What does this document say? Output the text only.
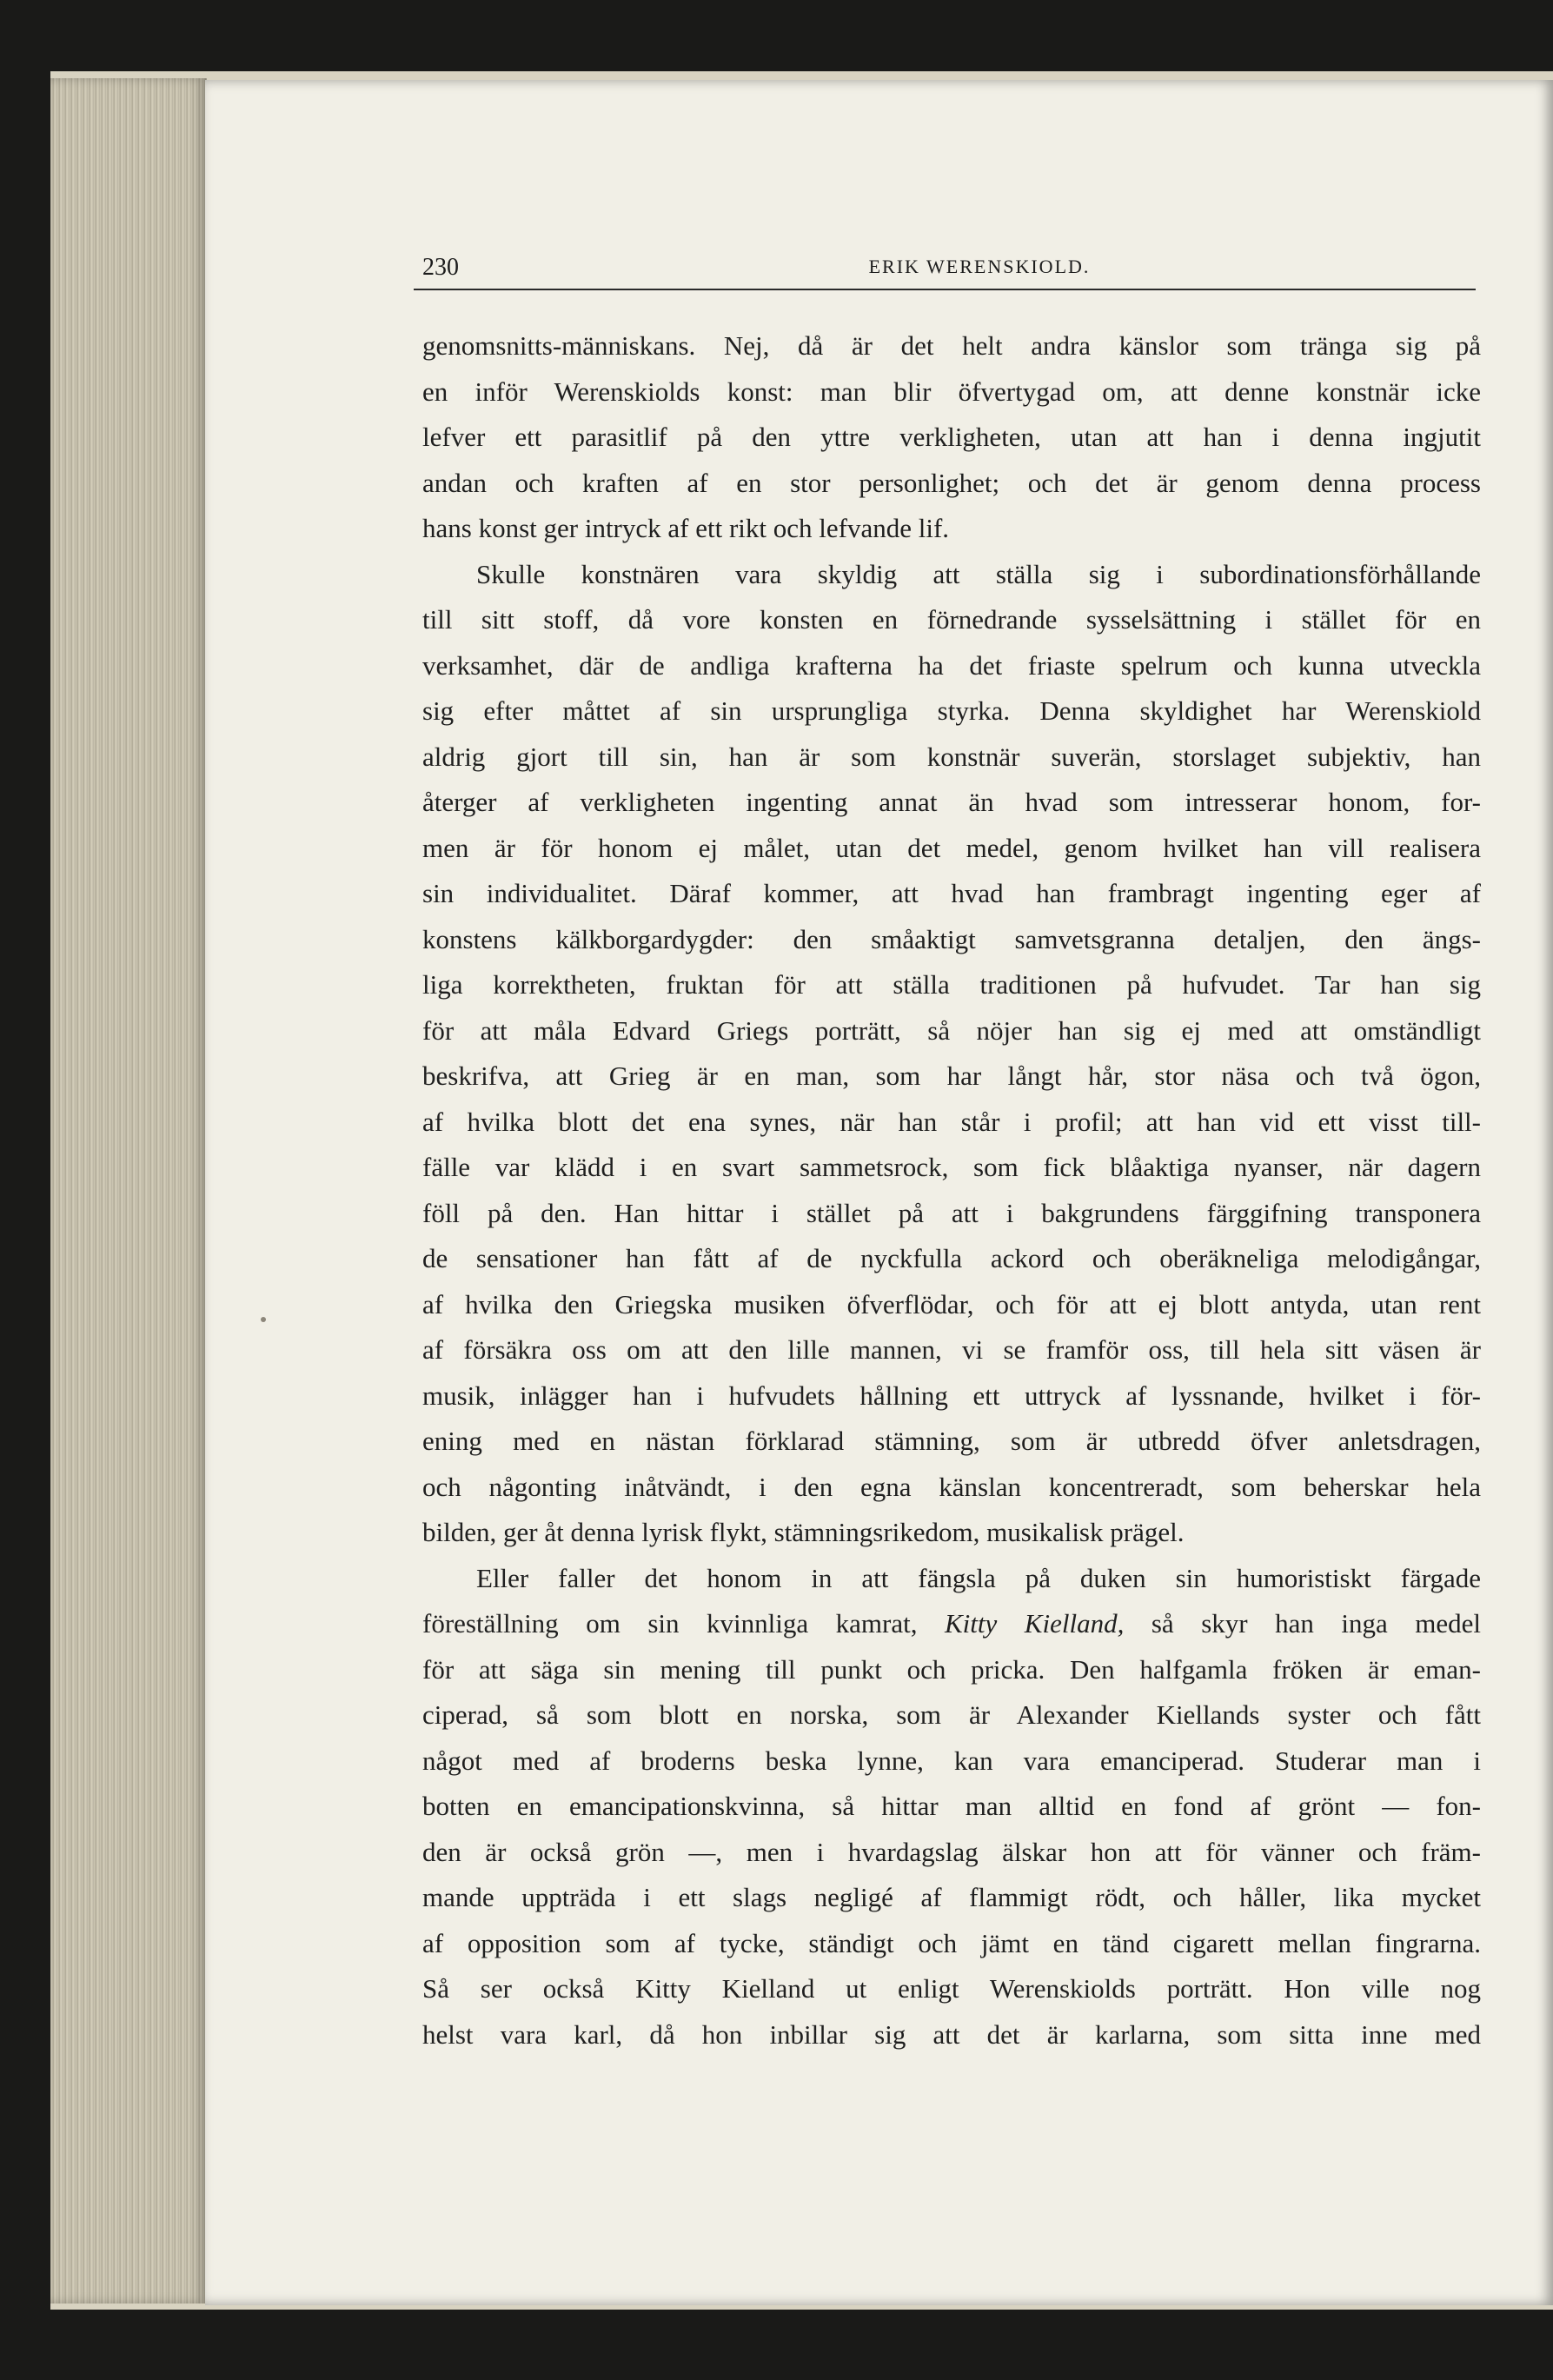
230	ERIK WERENSKIOLD.
genomsnitts-människans. Nej, då är det helt andra känslor som tränga sig på
en inför Werenskiolds konst: man blir öfvertygad om, att denne konstnär icke
lefver ett parasitlif på den yttre verkligheten, utan att han i denna ingjutit
andan och kraften af en stor personlighet; och det är genom denna process
hans konst ger intryck af ett rikt och lefvande lif.
Skulle konstnären vara skyldig att ställa sig i subordinationsförhållande
till sitt stoff, då vore konsten en förnedrande sysselsättning i stället för en
verksamhet, där de andliga krafterna ha det friaste spelrum och kunna utveckla
sig efter måttet af sin ursprungliga styrka. Denna skyldighet har Werenskiold
aldrig gjort till sin, han är som konstnär suverän, storslaget subjektiv, han
återger af verkligheten ingenting annat än hvad som intresserar honom, for-
men är för honom ej målet, utan det medel, genom hvilket han vill realisera
sin individualitet. Däraf kommer, att hvad han frambragt ingenting eger af
konstens kälkborgardygder: den småaktigt samvetsgranna detaljen, den ängs-
liga korrektheten, fruktan för att ställa traditionen på hufvudet. Tar han sig
för att måla Edvard Griegs porträtt, så nöjer han sig ej med att omständligt
beskrifva, att Grieg är en man, som har långt hår, stor näsa och två ögon,
af hvilka blott det ena synes, när han står i profil; att han vid ett visst till-
fälle var klädd i en svart sammetsrock, som fick blåaktiga nyanser, när dagern
föll på den. Han hittar i stället på att i bakgrundens färggifning transponera
de sensationer han fått af de nyckfulla ackord och oberäkneliga melodigångar,
af hvilka den Griegska musiken öfverflödar, och för att ej blott antyda, utan rent
af försäkra oss om att den lille mannen, vi se framför oss, till hela sitt väsen är
musik, inlägger han i hufvudets hållning ett uttryck af lyssnande, hvilket i för-
ening med en nästan förklarad stämning, som är utbredd öfver anletsdragen,
och någonting inåtvändt, i den egna känslan koncentreradt, som beherskar hela
bilden, ger åt denna lyrisk flykt, stämningsrikedom, musikalisk prägel.
Eller faller det honom in att fängsla på duken sin humoristiskt färgade
föreställning om sin kvinnliga kamrat, Kitty Kielland, så skyr han inga medel
för att säga sin mening till punkt och pricka. Den halfgamla fröken är eman-
ciperad, så som blott en norska, som är Alexander Kiellands syster och fått
något med af broderns beska lynne, kan vara emanciperad. Studerar man i
botten en emancipationskvinna, så hittar man alltid en fond af grönt — fon-
den är också grön —, men i hvardagslag älskar hon att för vänner och främ-
mande uppträda i ett slags negligé af flammigt rödt, och håller, lika mycket
af opposition som af tycke, ständigt och jämt en tänd cigarett mellan fingrarna.
Så ser också Kitty Kielland ut enligt Werenskiolds porträtt. Hon ville nog
helst vara karl, då hon inbillar sig att det är karlarna, som sitta inne med
